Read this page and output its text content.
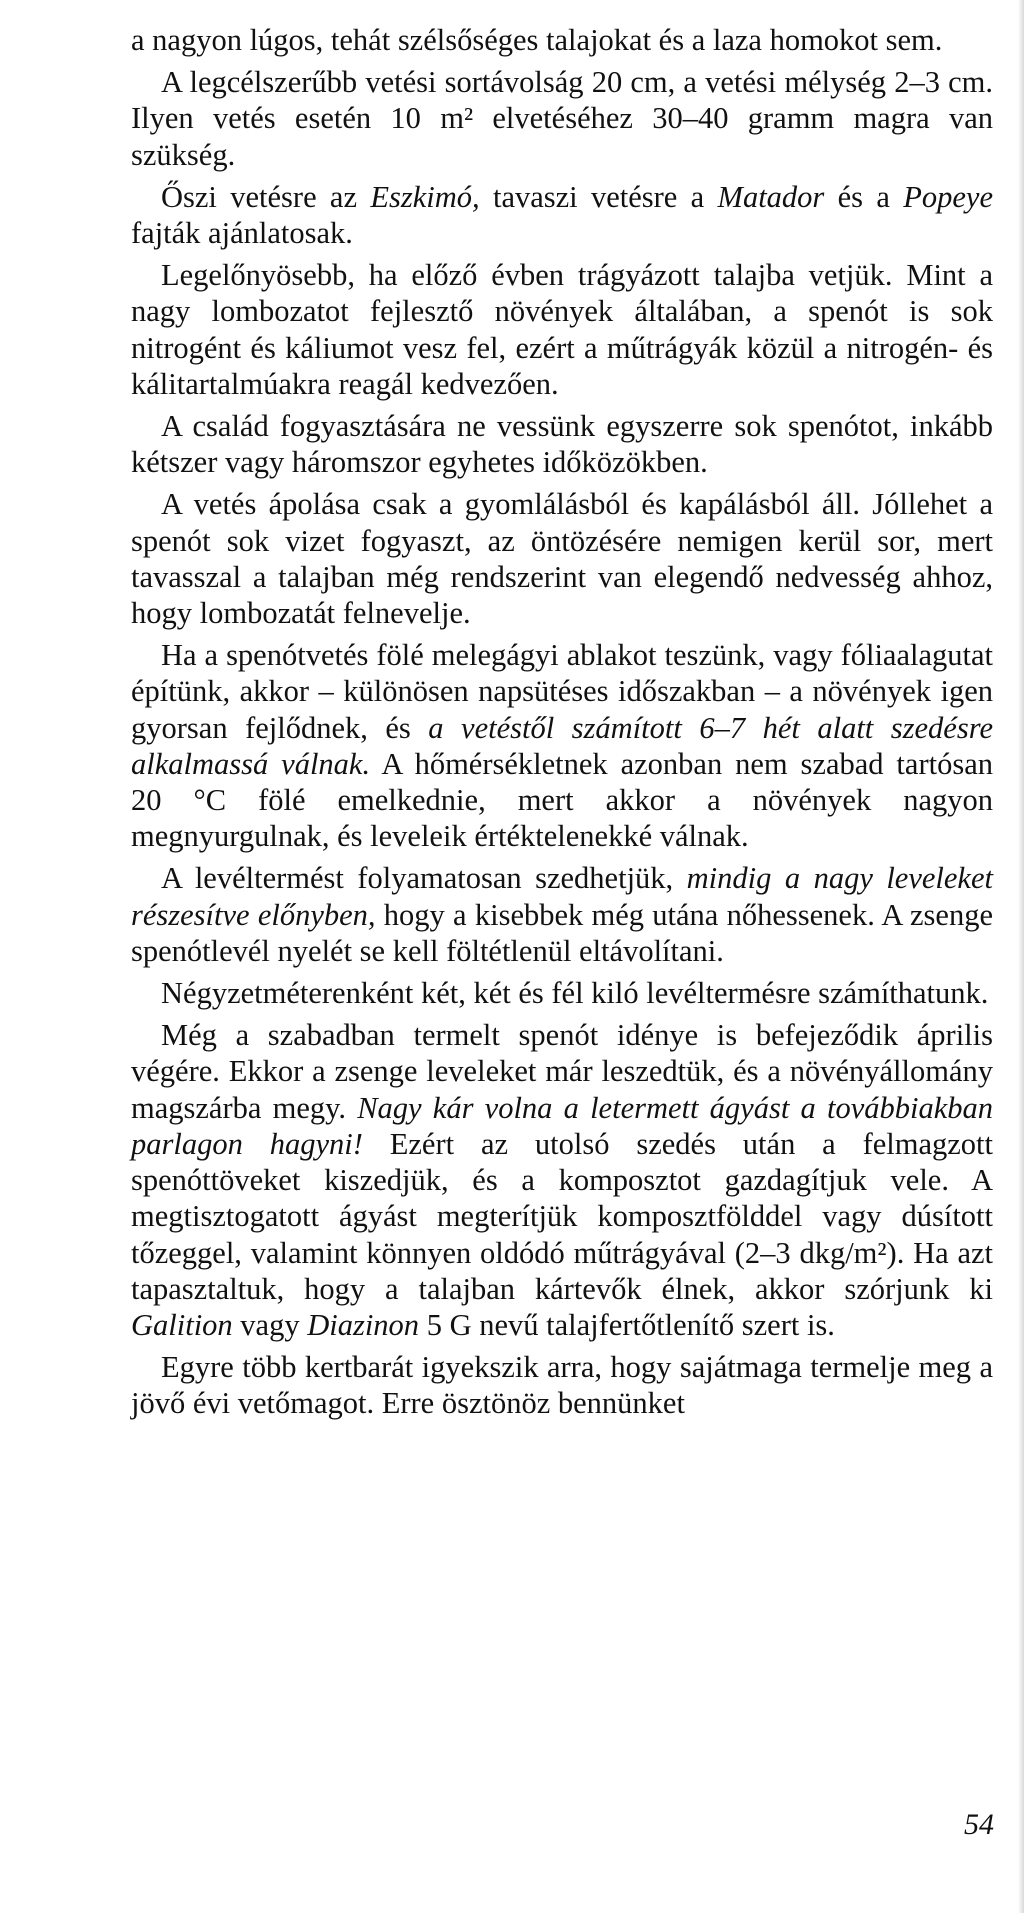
a nagyon lúgos, tehát szélsőséges talajokat és a laza homokot sem.

A legcélszerűbb vetési sortávolság 20 cm, a vetési mélység 2–3 cm. Ilyen vetés esetén 10 m² elvetéséhez 30–40 gramm magra van szükség.

Őszi vetésre az Eszkimó, tavaszi vetésre a Matador és a Popeye fajták ajánlatosak.

Legelőnyösebb, ha előző évben trágyázott talajba vetjük. Mint a nagy lombozatot fejlesztő növények általában, a spenót is sok nitrogént és káliumot vesz fel, ezért a műtrágyák közül a nitrogén- és kálitartalmúakra reagál kedvezően.

A család fogyasztására ne vessünk egyszerre sok spenótot, inkább kétszer vagy háromszor egyhetes időközökben.

A vetés ápolása csak a gyomlálásból és kapálásból áll. Jóllehet a spenót sok vizet fogyaszt, az öntözésére nemigen kerül sor, mert tavasszal a talajban még rendszerint van elegendő nedvesség ahhoz, hogy lombozatát felnevelje.

Ha a spenótvetés fölé melegágyi ablakot teszünk, vagy fóliaalagutat építünk, akkor – különösen napsütéses időszakban – a növények igen gyorsan fejlődnek, és a vetéstől számított 6–7 hét alatt szedésre alkalmassá válnak. A hőmérsékletnek azonban nem szabad tartósan 20 °C fölé emelkednie, mert akkor a növények nagyon megnyurgulnak, és leveleik értéktelenekké válnak.

A levéltermést folyamatosan szedhetjük, mindig a nagy leveleket részesítve előnyben, hogy a kisebbek még utána nőhessenek. A zsenge spenótlevél nyelét se kell föltétlenül eltávolítani.

Négyzetméterenként két, két és fél kiló levéltermésre számíthatunk.

Még a szabadban termelt spenót idénye is befejeződik április végére. Ekkor a zsenge leveleket már leszedtük, és a növényállomány magszárba megy. Nagy kár volna a letermett ágyást a továbbiakban parlagon hagyni! Ezért az utolsó szedés után a felmagzott spenóttöveket kiszedjük, és a komposztot gazdagítjuk vele. A megtisztogatott ágyást megterítjük komposztfölddel vagy dúsított tőzeggel, valamint könnyen oldódó műtrágyával (2–3 dkg/m²). Ha azt tapasztaltuk, hogy a talajban kártevők élnek, akkor szórjunk ki Galition vagy Diazinon 5 G nevű talajfertőtlenítő szert is.

Egyre több kertbarát igyekszik arra, hogy sajátmaga termelje meg a jövő évi vetőmagot. Erre ösztönöz bennünket

54
